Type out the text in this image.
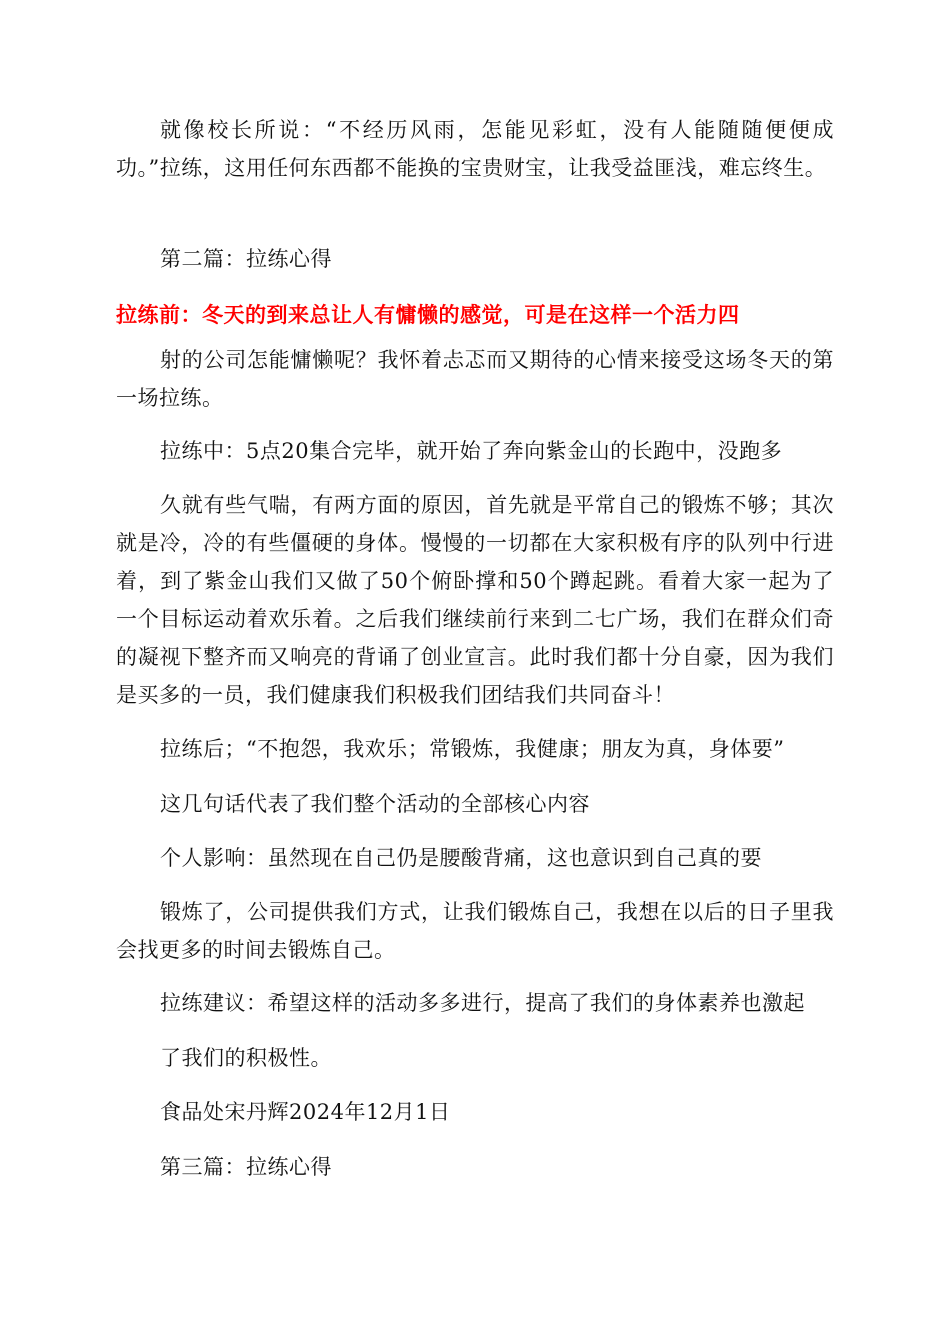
就像校长所说：“不经历风雨，怎能见彩虹，没有人能随随便便成功。”拉练，这用任何东西都不能换的宝贵财宝，让我受益匪浅，难忘终生。

第二篇：拉练心得

拉练前：冬天的到来总让人有慵懒的感觉，可是在这样一个活力四

射的公司怎能慵懒呢？我怀着忐忑而又期待的心情来接受这场冬天的第一场拉练。

拉练中：5点20集合完毕，就开始了奔向紫金山的长跑中，没跑多

久就有些气喘，有两方面的原因，首先就是平常自己的锻炼不够；其次就是冷，冷的有些僵硬的身体。慢慢的一切都在大家积极有序的队列中行进着，到了紫金山我们又做了50个俯卧撑和50个蹲起跳。看着大家一起为了一个目标运动着欢乐着。之后我们继续前行来到二七广场，我们在群众们奇的凝视下整齐而又响亮的背诵了创业宣言。此时我们都十分自豪，因为我们是买多的一员，我们健康我们积极我们团结我们共同奋斗！

拉练后；“不抱怨，我欢乐；常锻炼，我健康；朋友为真，身体要”

这几句话代表了我们整个活动的全部核心内容

个人影响：虽然现在自己仍是腰酸背痛，这也意识到自己真的要

锻炼了，公司提供我们方式，让我们锻炼自己，我想在以后的日子里我会找更多的时间去锻炼自己。

拉练建议：希望这样的活动多多进行，提高了我们的身体素养也激起

了我们的积极性。

食品处宋丹辉2024年12月1日

第三篇：拉练心得
